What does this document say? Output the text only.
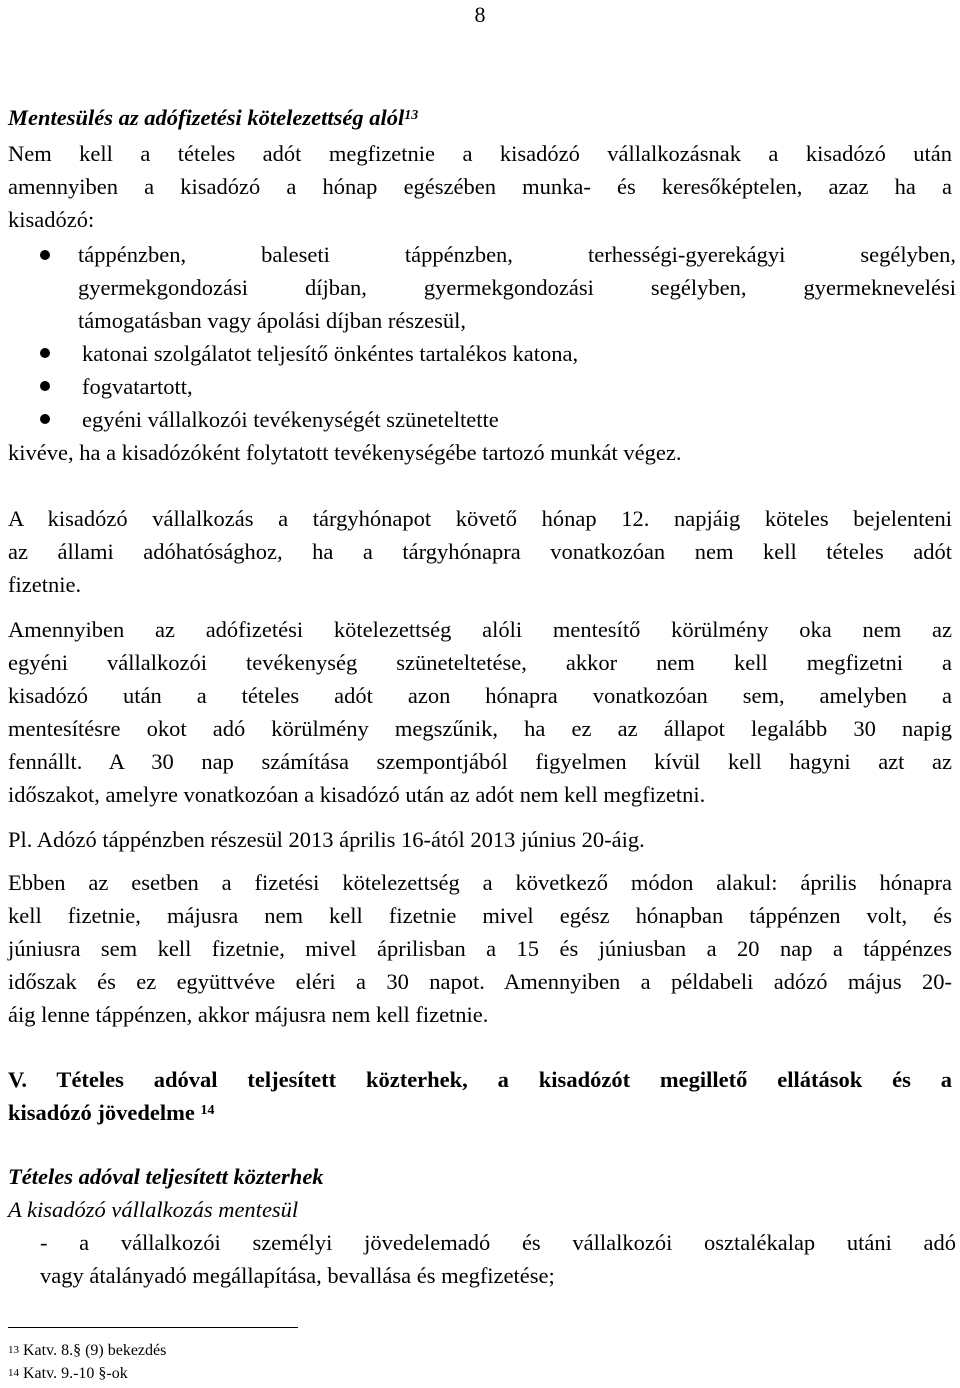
8
Mentesülés az adófizetési kötelezettség alól$^{13}$
Nem kell a tételes adót megfizetnie a kisadózó vállalkozásnak a kisadózó után
amennyiben a kisadózó a hónap egészében munka- és keresőképtelen, azaz ha a
kisadózó:
táppénzben, baleseti táppénzben, terhességi-gyerekágyi segélyben,
gyermekgondozási díjban, gyermekgondozási segélyben, gyermeknevelési
támogatásban vagy ápolási díjban részesül,
katonai szolgálatot teljesítő önkéntes tartalékos katona,
fogvatartott,
egyéni vállalkozói tevékenységét szüneteltette
kivéve, ha a kisadózóként folytatott tevékenységébe tartozó munkát végez.
A kisadózó vállalkozás a tárgyhónapot követő hónap 12. napjáig köteles bejelenteni
az állami adóhatósághoz, ha a tárgyhónapra vonatkozóan nem kell tételes adót
fizetnie.
Amennyiben az adófizetési kötelezettség alóli mentesítő körülmény oka nem az
egyéni vállalkozói tevékenység szüneteltetése, akkor nem kell megfizetni a
kisadózó után a tételes adót azon hónapra vonatkozóan sem, amelyben a
mentesítésre okot adó körülmény megszűnik, ha ez az állapot legalább 30 napig
fennállt. A 30 nap számítása szempontjából figyelmen kívül kell hagyni azt az
időszakot, amelyre vonatkozóan a kisadózó után az adót nem kell megfizetni.
Pl. Adózó táppénzben részesül 2013 április 16-ától 2013 június 20-áig.
Ebben az esetben a fizetési kötelezettség a következő módon alakul: április hónapra
kell fizetnie, májusra nem kell fizetnie mivel egész hónapban táppénzen volt, és
júniusra sem kell fizetnie, mivel áprilisban a 15 és júniusban a 20 nap a táppénzes
időszak és ez együttvéve eléri a 30 napot. Amennyiben a példabeli adózó május 20-
áig lenne táppénzen, akkor májusra nem kell fizetnie.
V. Tételes adóval teljesített közterhek, a kisadózót megillető ellátások és a
kisadózó jövedelme $^{14}$
Tételes adóval teljesített közterhek
A kisadózó vállalkozás mentesül
- a vállalkozói személyi jövedelemadó és vállalkozói osztalékalap utáni adó
vagy átalányadó megállapítása, bevallása és megfizetése;
$^{13}$ Katv. 8.§ (9) bekezdés
$^{14}$ Katv. 9.-10 §-ok
